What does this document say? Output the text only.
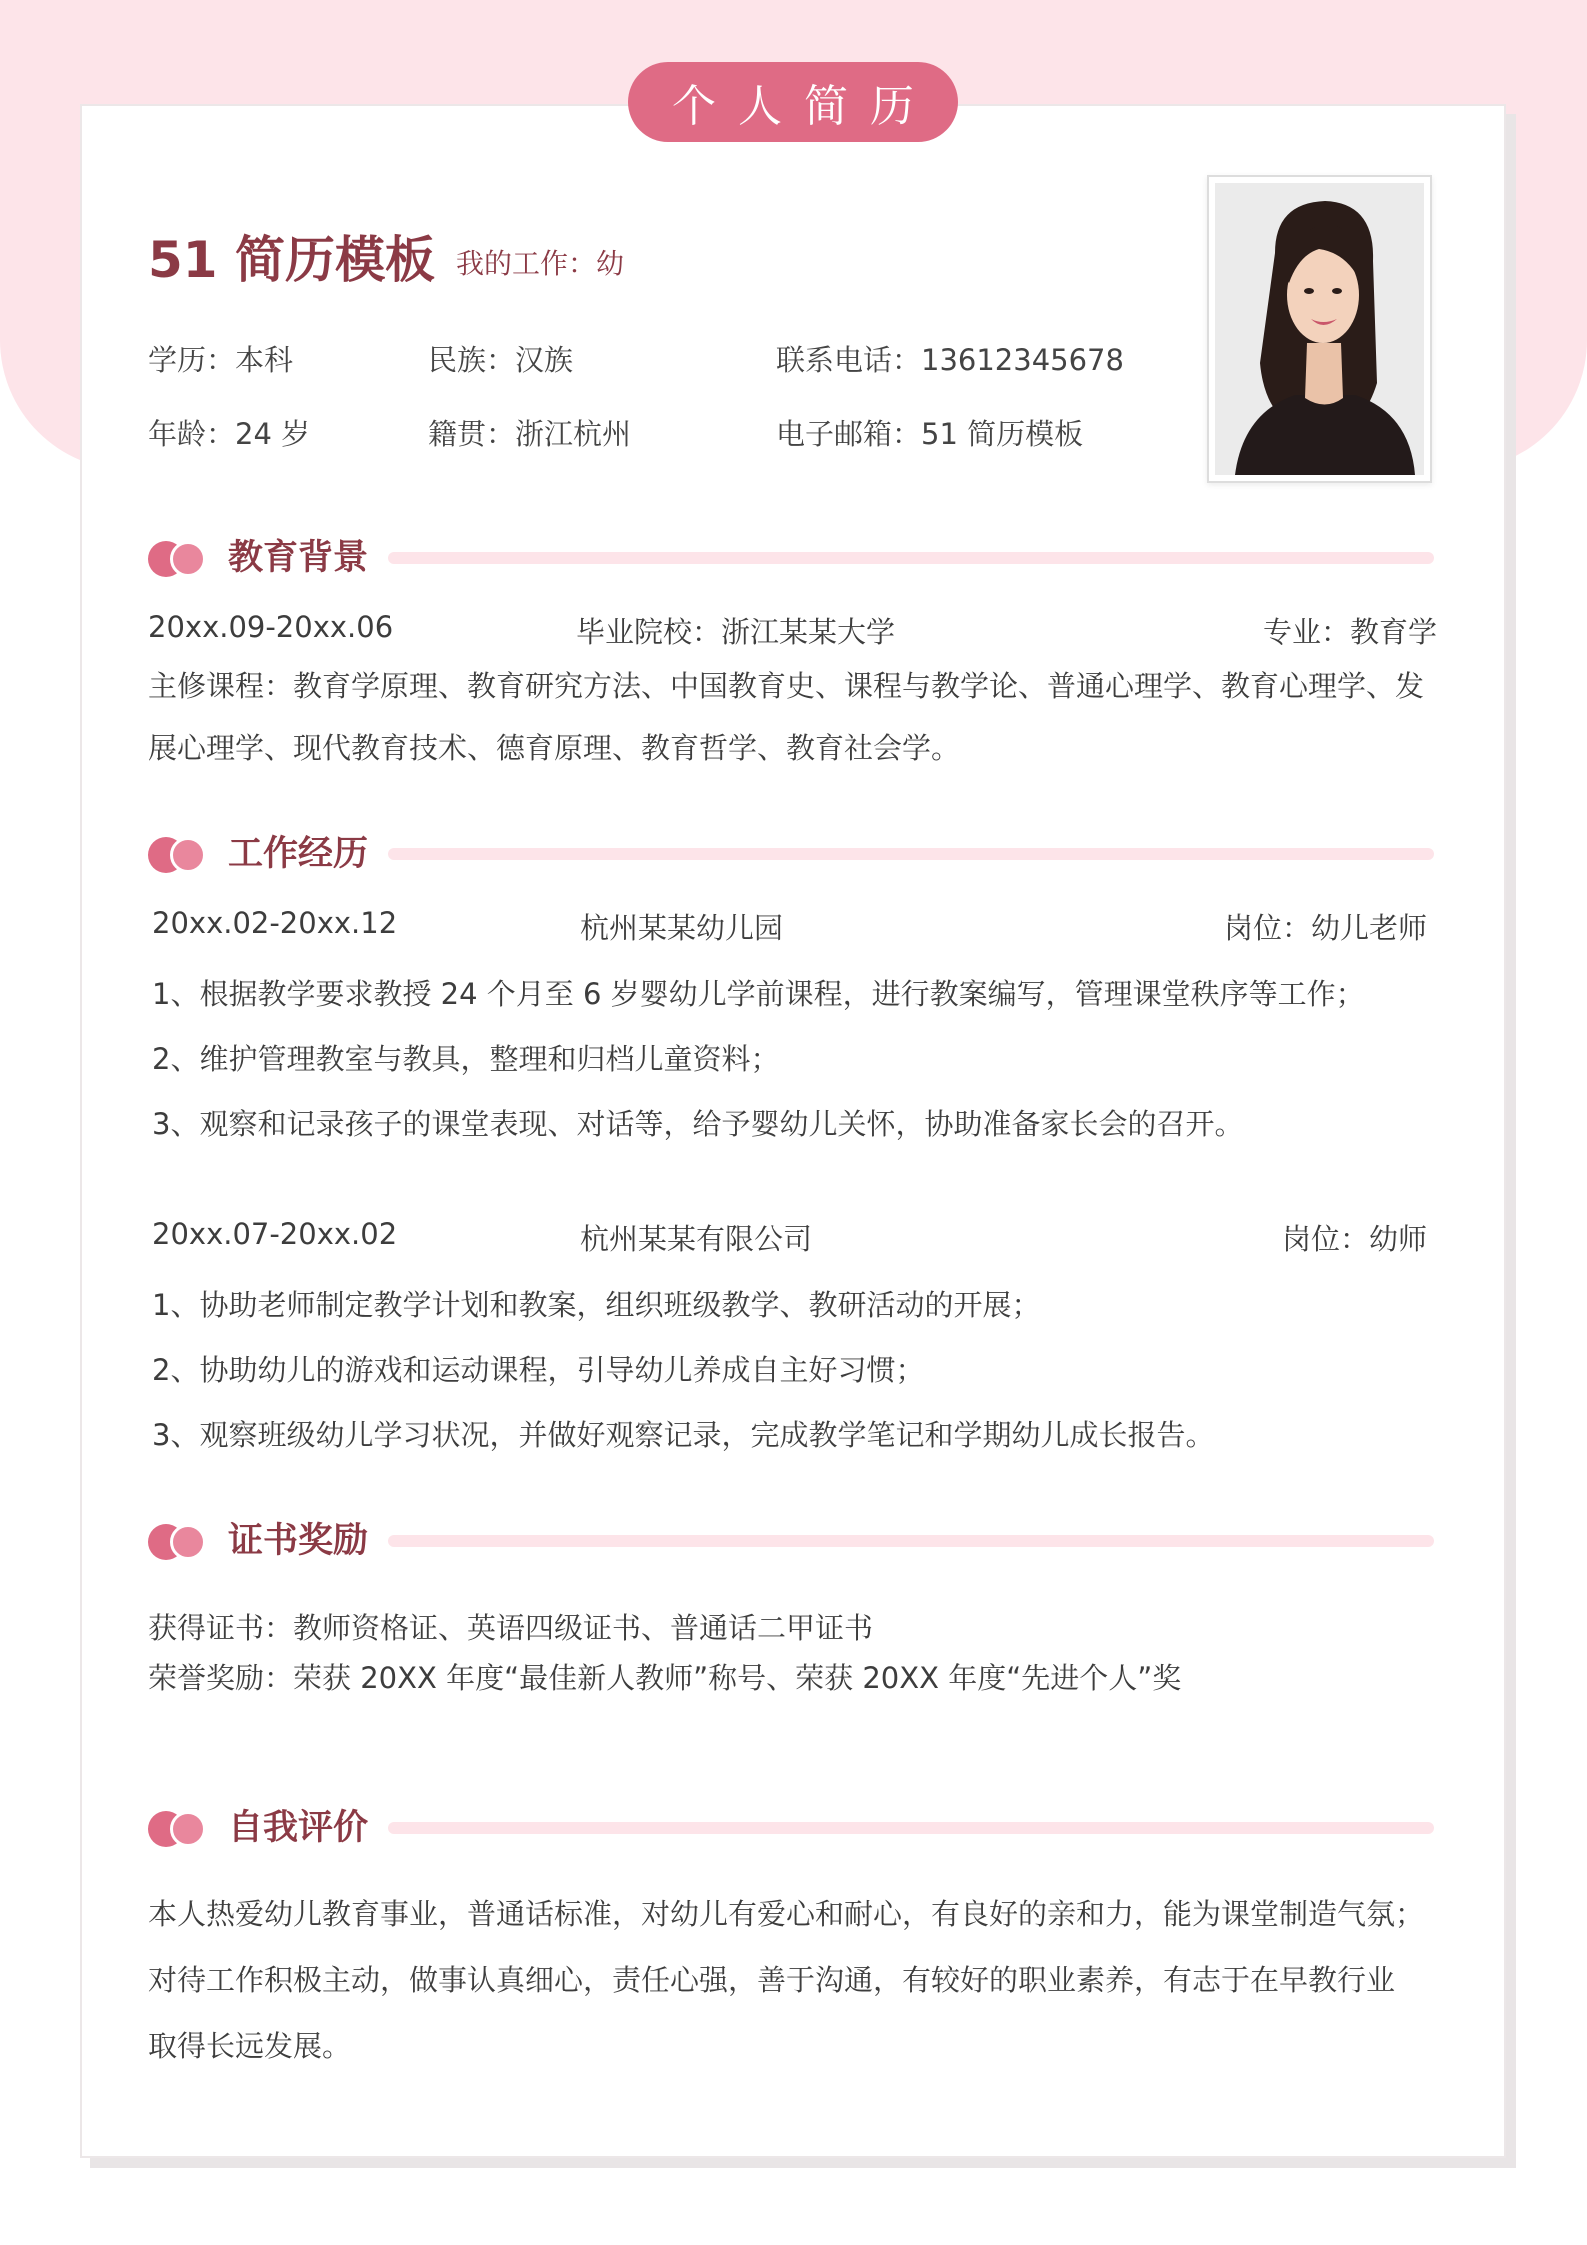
个人简历
51 简历模板 我的工作：幼
学历：本科	民族：汉族	联系电话：13612345678
年龄：24 岁	籍贯：浙江杭州	电子邮箱：51 简历模板
教育背景
20xx.09-20xx.06	毕业院校：浙江某某大学	专业：教育学
主修课程：教育学原理、教育研究方法、中国教育史、课程与教学论、普通心理学、教育心理学、发展心理学、现代教育技术、德育原理、教育哲学、教育社会学。
工作经历
20xx.02-20xx.12	杭州某某幼儿园	岗位：幼儿老师
1、根据教学要求教授 24 个月至 6 岁婴幼儿学前课程，进行教案编写，管理课堂秩序等工作；
2、维护管理教室与教具，整理和归档儿童资料；
3、观察和记录孩子的课堂表现、对话等，给予婴幼儿关怀，协助准备家长会的召开。
20xx.07-20xx.02	杭州某某有限公司	岗位：幼师
1、协助老师制定教学计划和教案，组织班级教学、教研活动的开展；
2、协助幼儿的游戏和运动课程，引导幼儿养成自主好习惯；
3、观察班级幼儿学习状况，并做好观察记录，完成教学笔记和学期幼儿成长报告。
证书奖励
获得证书：教师资格证、英语四级证书、普通话二甲证书
荣誉奖励：荣获 20XX 年度“最佳新人教师”称号、荣获 20XX 年度“先进个人”奖
自我评价
本人热爱幼儿教育事业，普通话标准，对幼儿有爱心和耐心，有良好的亲和力，能为课堂制造气氛；
对待工作积极主动，做事认真细心，责任心强，善于沟通，有较好的职业素养，有志于在早教行业
取得长远发展。
